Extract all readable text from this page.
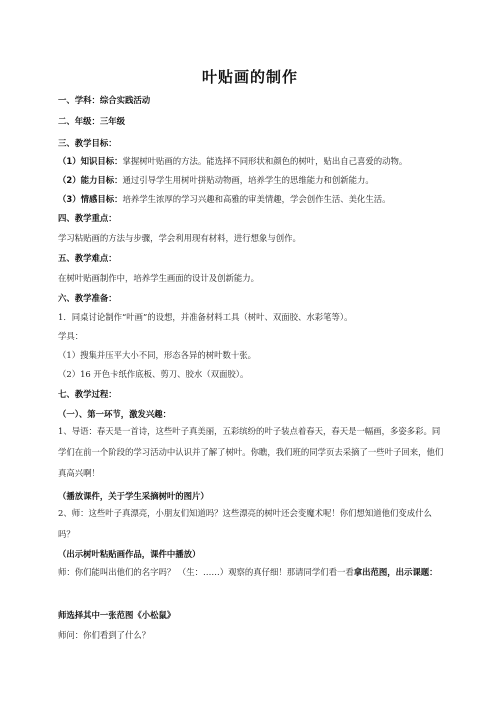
叶贴画的制作
一、学科：综合实践活动
二、年级：三年级
三、教学目标：
（1）知识目标：掌握树叶贴画的方法。能选择不同形状和颜色的树叶，贴出自己喜爱的动物。
（2）能力目标：通过引导学生用树叶拼贴动物画，培养学生的思维能力和创新能力。
（3）情感目标：培养学生浓厚的学习兴趣和高雅的审美情趣，学会创作生活、美化生活。
四、教学重点：
学习粘贴画的方法与步骤，学会利用现有材料，进行想象与创作。
五、教学难点：
在树叶贴画制作中，培养学生画面的设计及创新能力。
六、教学准备：
1．同桌讨论制作“叶画”的设想，并准备材料工具（树叶、双面胶、水彩笔等）。
学具：
（1）搜集并压平大小不同，形态各异的树叶数十张。
（2）16 开色卡纸作底板、剪刀、胶水（双面胶）。
七、教学过程：
（一）、第一环节，激发兴趣：
1、导语：春天是一首诗，这些叶子真美丽，五彩缤纷的叶子装点着春天，春天是一幅画，多姿多彩。同学们在前一个阶段的学习活动中认识并了解了树叶。你瞧，我们班的同学页去采摘了一些叶子回来，他们真高兴啊！
（播放课件，关于学生采摘树叶的图片）
2、师：这些叶子真漂亮，小朋友们知道吗？这些漂亮的树叶还会变魔术呢！你们想知道他们变成什么吗？
（出示树叶粘贴画作品，课件中播放）
师：你们能叫出他们的名字吗？ （生：……）观察的真仔细！那请同学们看一看拿出范图，出示课题：
师选择其中一张范图《小松鼠》
师问：你们看到了什么？
